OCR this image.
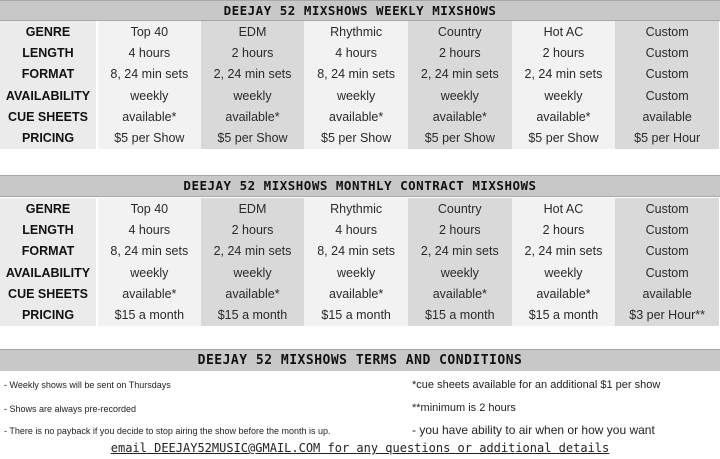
DEEJAY 52 MIXSHOWS WEEKLY MIXSHOWS
GENRE	Top 40	EDM	Rhythmic	Country	Hot AC	Custom
LENGTH	4 hours	2 hours	4 hours	2 hours	2 hours	Custom
FORMAT	8, 24 min sets	2, 24 min sets	8, 24 min sets	2, 24 min sets	2, 24 min sets	Custom
AVAILABILITY	weekly	weekly	weekly	weekly	weekly	Custom
CUE SHEETS	available*	available*	available*	available*	available*	available
PRICING	$5 per Show	$5 per Show	$5 per Show	$5 per Show	$5 per Show	$5 per Hour
DEEJAY 52 MIXSHOWS MONTHLY CONTRACT MIXSHOWS
GENRE	Top 40	EDM	Rhythmic	Country	Hot AC	Custom
LENGTH	4 hours	2 hours	4 hours	2 hours	2 hours	Custom
FORMAT	8, 24 min sets	2, 24 min sets	8, 24 min sets	2, 24 min sets	2, 24 min sets	Custom
AVAILABILITY	weekly	weekly	weekly	weekly	weekly	Custom
CUE SHEETS	available*	available*	available*	available*	available*	available
PRICING	$15 a month	$15 a month	$15 a month	$15 a month	$15 a month	$3 per Hour**
DEEJAY 52 MIXSHOWS TERMS AND CONDITIONS
- Weekly shows will be sent on Thursdays
- Shows are always pre-recorded
- There is no payback if you decide to stop airing the show before the month is up.
*cue sheets available for an additional $1 per show
**minimum is 2 hours
- you have ability to air when or how you want
email DEEJAY52MUSIC@GMAIL.COM for any questions or additional details
